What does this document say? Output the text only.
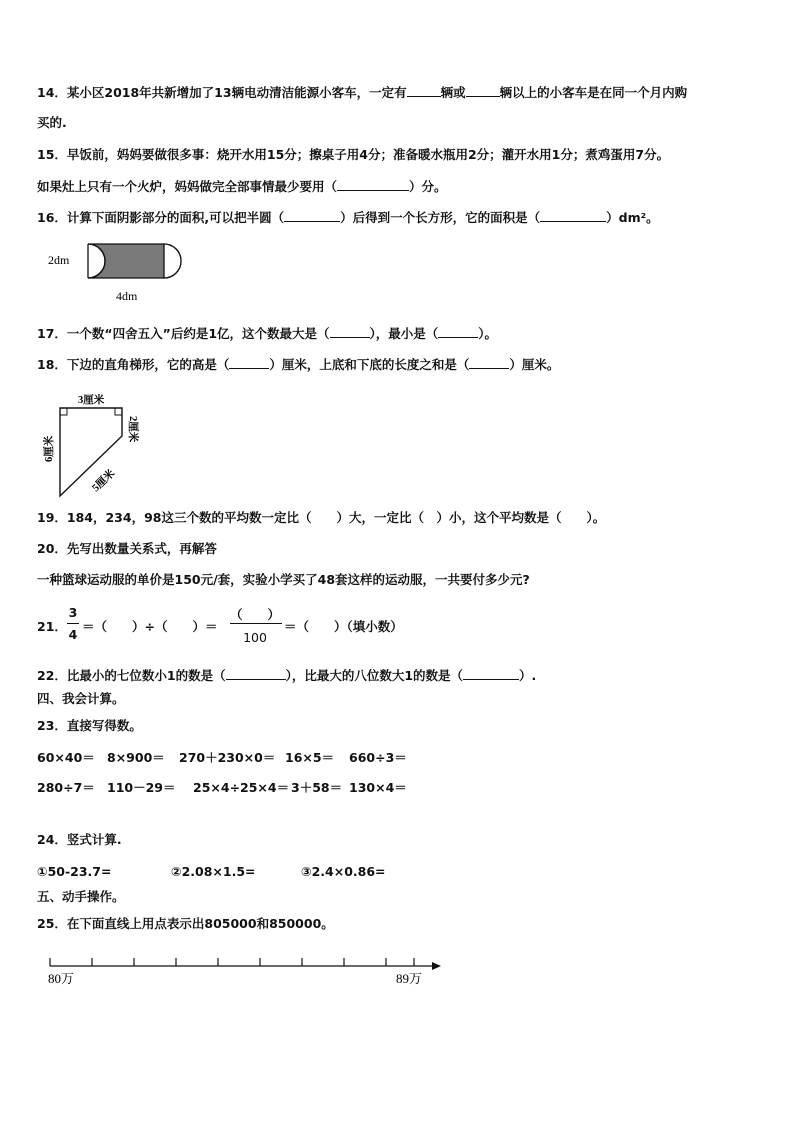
14．某小区2018年共新增加了13辆电动清洁能源小客车，一定有	辆或	辆以上的小客车是在同一个月内购
买的.
15．早饭前，妈妈要做很多事：烧开水用15分；擦桌子用4分；准备暖水瓶用2分；灌开水用1分；煮鸡蛋用7分。
如果灶上只有一个火炉，妈妈做完全部事情最少要用（	）分。
16．计算下面阴影部分的面积,可以把半圆（	）后得到一个长方形，它的面积是（	）dm²。
2dm
4dm
17．一个数“四舍五入”后约是1亿，这个数最大是（	），最小是（	）。
18．下边的直角梯形，它的高是（	）厘米，上底和下底的长度之和是（	）厘米。
3厘米
6厘米
2厘米
5厘米
19．184，234，98这三个数的平均数一定比（　　）大，一定比（　）小，这个平均数是（　　）。
20．先写出数量关系式，再解答
一种篮球运动服的单价是150元/套，实验小学买了48套这样的运动服，一共要付多少元?
21．
3
4
＝（　　）÷（　　）＝
（　　）
100
＝（　　）（填小数）
22．比最小的七位数小1的数是（	），比最大的八位数大1的数是（	）.
四、我会计算。
23．直接写得数。
60×40＝ 8×900＝ 270＋230×0＝ 16×5＝ 660÷3＝
280÷7＝ 110－29＝ 25×4÷25×4＝ 3＋58＝ 130×4＝
24．竖式计算.
①50-23.7=	②2.08×1.5=	③2.4×0.86=
五、动手操作。
25．在下面直线上用点表示出805000和850000。
80万	89万
